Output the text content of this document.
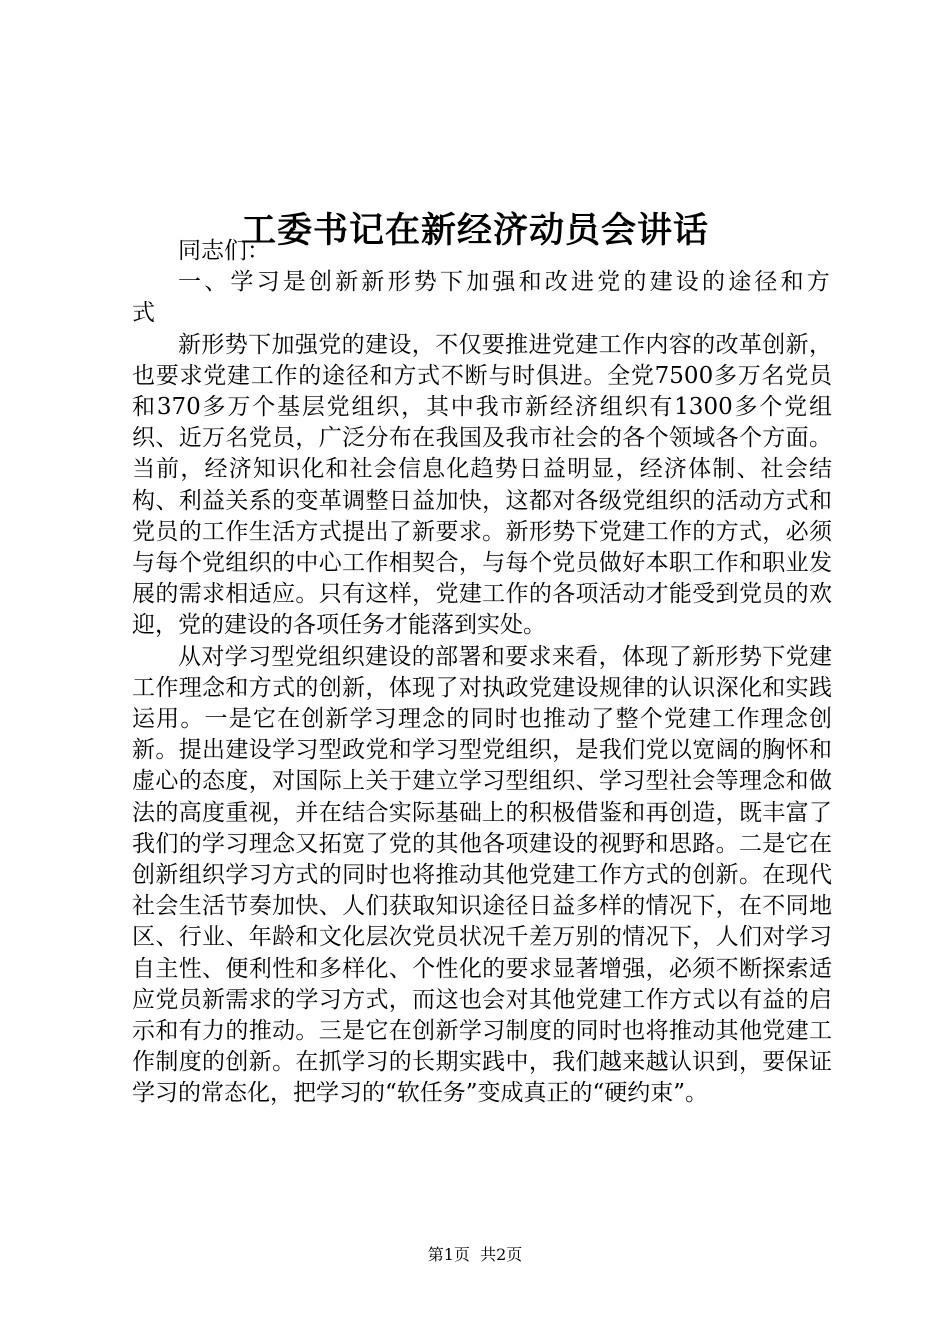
工委书记在新经济动员会讲话

同志们：

一、学习是创新新形势下加强和改进党的建设的途径和方式

新形势下加强党的建设，不仅要推进党建工作内容的改革创新，也要求党建工作的途径和方式不断与时俱进。全党7500多万名党员和370多万个基层党组织，其中我市新经济组织有1300多个党组织、近万名党员，广泛分布在我国及我市社会的各个领域各个方面。当前，经济知识化和社会信息化趋势日益明显，经济体制、社会结构、利益关系的变革调整日益加快，这都对各级党组织的活动方式和党员的工作生活方式提出了新要求。新形势下党建工作的方式，必须与每个党组织的中心工作相契合，与每个党员做好本职工作和职业发展的需求相适应。只有这样，党建工作的各项活动才能受到党员的欢迎，党的建设的各项任务才能落到实处。

从对学习型党组织建设的部署和要求来看，体现了新形势下党建工作理念和方式的创新，体现了对执政党建设规律的认识深化和实践运用。一是它在创新学习理念的同时也推动了整个党建工作理念创新。提出建设学习型政党和学习型党组织，是我们党以宽阔的胸怀和虚心的态度，对国际上关于建立学习型组织、学习型社会等理念和做法的高度重视，并在结合实际基础上的积极借鉴和再创造，既丰富了我们的学习理念又拓宽了党的其他各项建设的视野和思路。二是它在创新组织学习方式的同时也将推动其他党建工作方式的创新。在现代社会生活节奏加快、人们获取知识途径日益多样的情况下，在不同地区、行业、年龄和文化层次党员状况千差万别的情况下，人们对学习自主性、便利性和多样化、个性化的要求显著增强，必须不断探索适应党员新需求的学习方式，而这也会对其他党建工作方式以有益的启示和有力的推动。三是它在创新学习制度的同时也将推动其他党建工作制度的创新。在抓学习的长期实践中，我们越来越认识到，要保证学习的常态化，把学习的“软任务”变成真正的“硬约束”。

第1页  共2页
